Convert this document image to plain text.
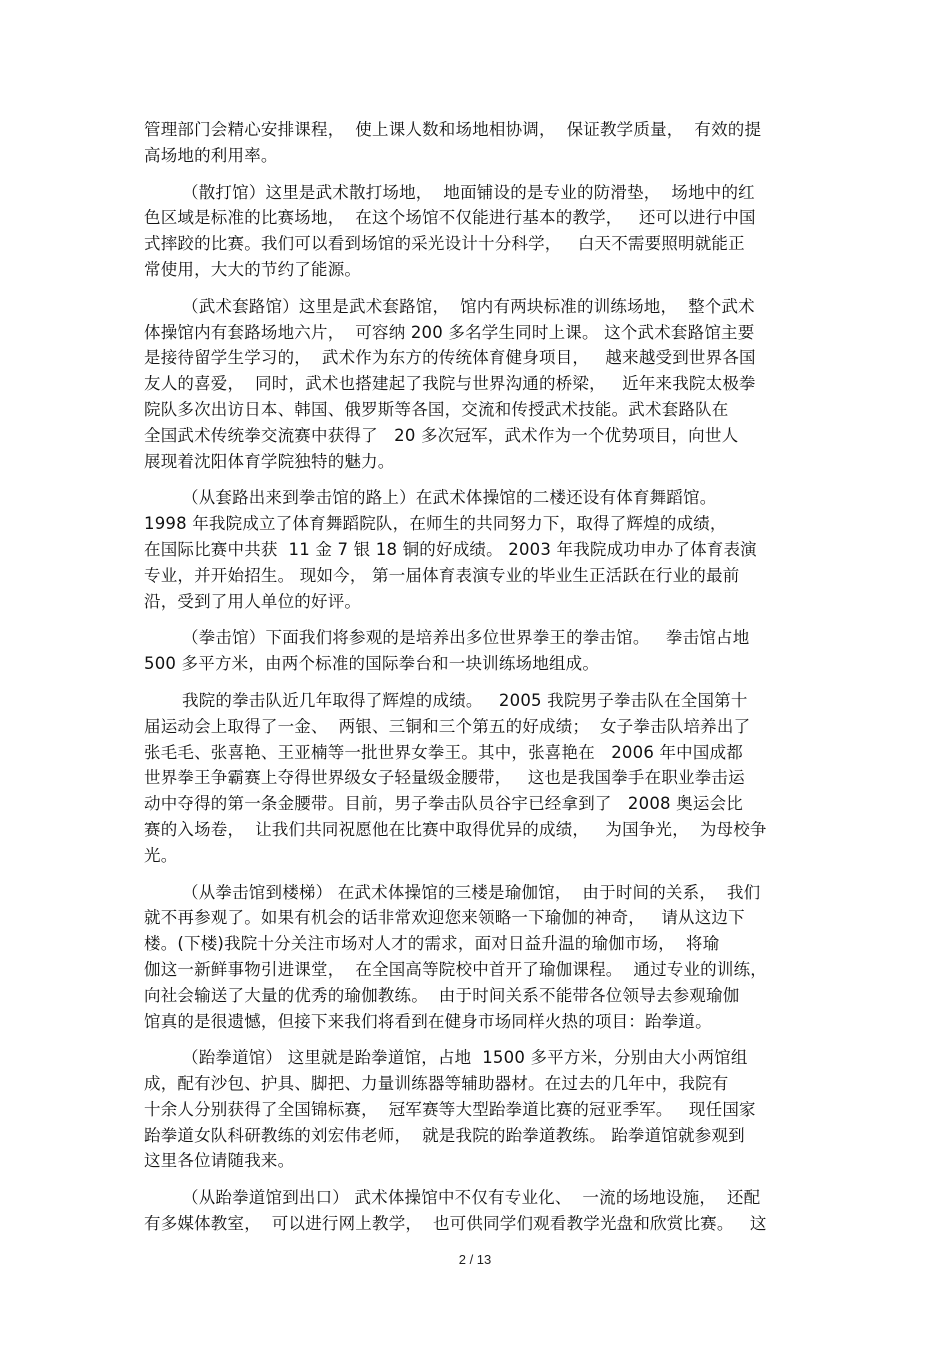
管理部门会精心安排课程，  使上课人数和场地相协调，  保证教学质量，  有效的提
高场地的利用率。
（散打馆）这里是武术散打场地，  地面铺设的是专业的防滑垫，  场地中的红
色区域是标准的比赛场地，  在这个场馆不仅能进行基本的教学，   还可以进行中国
式摔跤的比赛。我们可以看到场馆的采光设计十分科学，   白天不需要照明就能正
常使用，大大的节约了能源。
（武术套路馆）这里是武术套路馆，  馆内有两块标准的训练场地，  整个武术
体操馆内有套路场地六片，  可容纳 200 多名学生同时上课。 这个武术套路馆主要
是接待留学生学习的，  武术作为东方的传统体育健身项目，   越来越受到世界各国
友人的喜爱，  同时，武术也搭建起了我院与世界沟通的桥梁，   近年来我院太极拳
院队多次出访日本、韩国、俄罗斯等各国，交流和传授武术技能。武术套路队在
全国武术传统拳交流赛中获得了   20 多次冠军，武术作为一个优势项目，向世人
展现着沈阳体育学院独特的魅力。
（从套路出来到拳击馆的路上）在武术体操馆的二楼还设有体育舞蹈馆。
1998 年我院成立了体育舞蹈院队，在师生的共同努力下，取得了辉煌的成绩，
在国际比赛中共获  11 金 7 银 18 铜的好成绩。 2003 年我院成功申办了体育表演
专业，并开始招生。 现如今， 第一届体育表演专业的毕业生正活跃在行业的最前
沿，受到了用人单位的好评。
（拳击馆）下面我们将参观的是培养出多位世界拳王的拳击馆。   拳击馆占地
500 多平方米，由两个标准的国际拳台和一块训练场地组成。
我院的拳击队近几年取得了辉煌的成绩。   2005 我院男子拳击队在全国第十
届运动会上取得了一金、  两银、三铜和三个第五的好成绩；  女子拳击队培养出了
张毛毛、张喜艳、王亚楠等一批世界女拳王。其中，张喜艳在   2006 年中国成都
世界拳王争霸赛上夺得世界级女子轻量级金腰带，   这也是我国拳手在职业拳击运
动中夺得的第一条金腰带。目前，男子拳击队员谷宇已经拿到了   2008 奥运会比
赛的入场卷，  让我们共同祝愿他在比赛中取得优异的成绩，   为国争光，  为母校争
光。
（从拳击馆到楼梯） 在武术体操馆的三楼是瑜伽馆，  由于时间的关系，  我们
就不再参观了。如果有机会的话非常欢迎您来领略一下瑜伽的神奇，   请从这边下
楼。(下楼)我院十分关注市场对人才的需求，面对日益升温的瑜伽市场，  将瑜
伽这一新鲜事物引进课堂，  在全国高等院校中首开了瑜伽课程。  通过专业的训练，
向社会输送了大量的优秀的瑜伽教练。  由于时间关系不能带各位领导去参观瑜伽
馆真的是很遗憾，但接下来我们将看到在健身市场同样火热的项目：跆拳道。
（跆拳道馆） 这里就是跆拳道馆，占地  1500 多平方米，分别由大小两馆组
成，配有沙包、护具、脚把、力量训练器等辅助器材。在过去的几年中，我院有
十余人分别获得了全国锦标赛，  冠军赛等大型跆拳道比赛的冠亚季军。   现任国家
跆拳道女队科研教练的刘宏伟老师，  就是我院的跆拳道教练。 跆拳道馆就参观到
这里各位请随我来。
（从跆拳道馆到出口） 武术体操馆中不仅有专业化、  一流的场地设施，  还配
有多媒体教室，  可以进行网上教学，  也可供同学们观看教学光盘和欣赏比赛。   这
2 / 13
